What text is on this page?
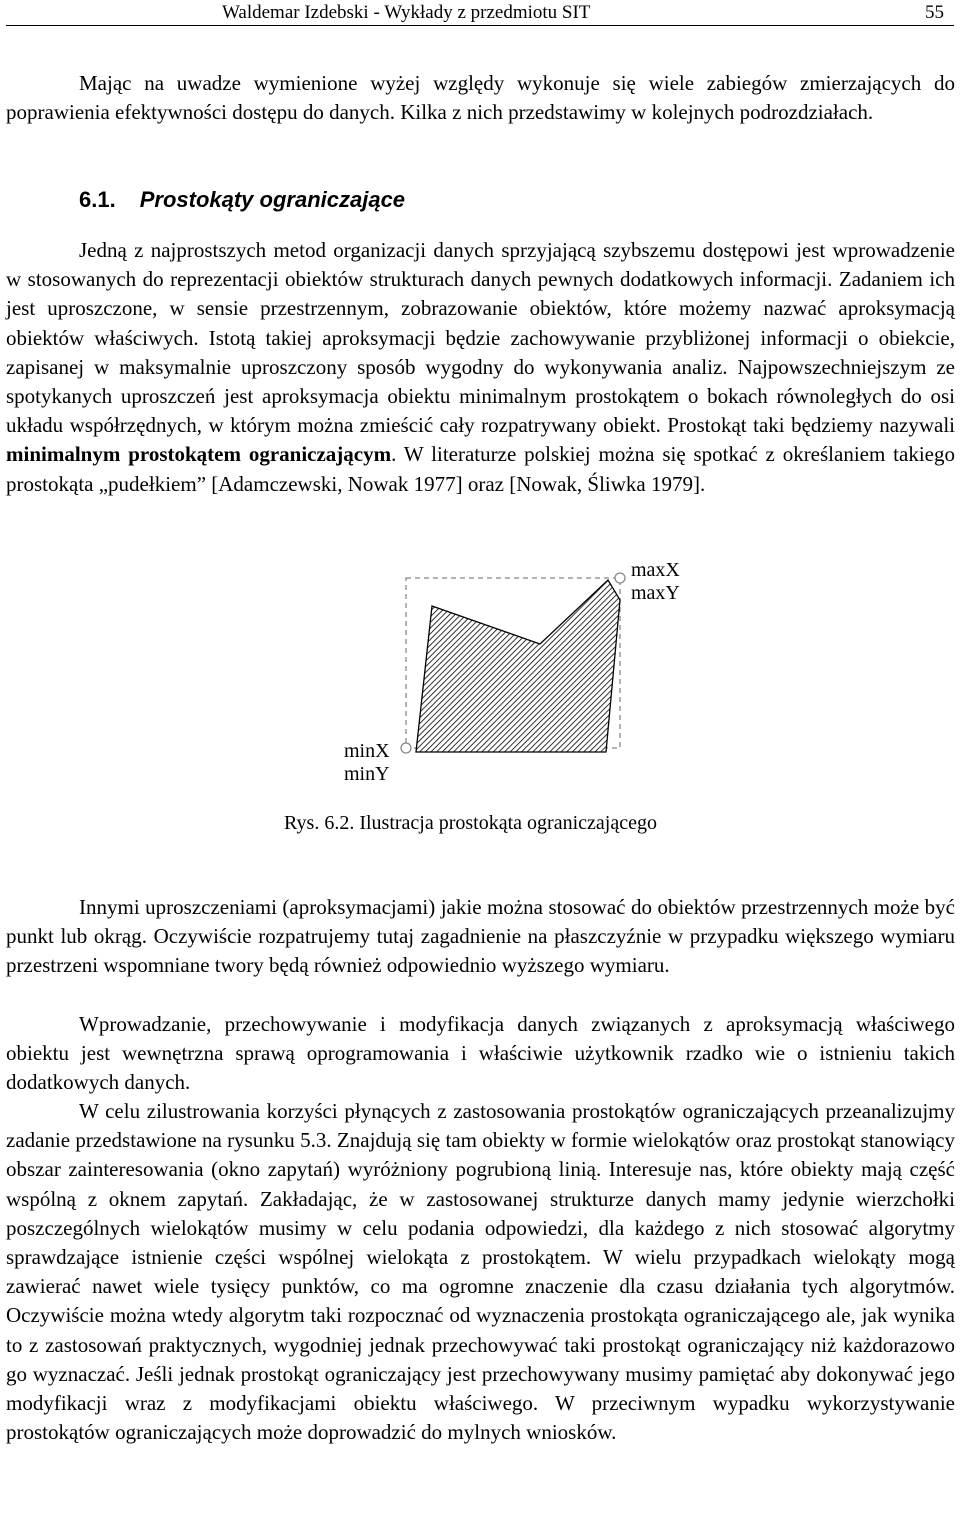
Waldemar Izdebski - Wykłady z przedmiotu SIT	55

Mając na uwadze wymienione wyżej względy wykonuje się wiele zabiegów zmierzających do poprawienia efektywności dostępu do danych. Kilka z nich przedstawimy w kolejnych podrozdziałach.

6.1. Prostokąty ograniczające

Jedną z najprostszych metod organizacji danych sprzyjającą szybszemu dostępowi jest wprowadzenie w stosowanych do reprezentacji obiektów strukturach danych pewnych dodatkowych informacji. Zadaniem ich jest uproszczone, w sensie przestrzennym, zobrazowanie obiektów, które możemy nazwać aproksymacją obiektów właściwych. Istotą takiej aproksymacji będzie zachowywanie przybliżonej informacji o obiekcie, zapisanej w maksymalnie uproszczony sposób wygodny do wykonywania analiz. Najpowszechniejszym ze spotykanych uproszczeń jest aproksymacja obiektu minimalnym prostokątem o bokach równoległych do osi układu współrzędnych, w którym można zmieścić cały rozpatrywany obiekt. Prostokąt taki będziemy nazywali minimalnym prostokątem ograniczającym. W literaturze polskiej można się spotkać z określaniem takiego prostokąta „pudełkiem” [Adamczewski, Nowak 1977] oraz [Nowak, Śliwka 1979].

maxX
maxY
minX
minY
Rys. 6.2. Ilustracja prostokąta ograniczającego

Innymi uproszczeniami (aproksymacjami) jakie można stosować do obiektów przestrzennych może być punkt lub okrąg. Oczywiście rozpatrujemy tutaj zagadnienie na płaszczyźnie w przypadku większego wymiaru przestrzeni wspomniane twory będą również odpowiednio wyższego wymiaru.

Wprowadzanie, przechowywanie i modyfikacja danych związanych z aproksymacją właściwego obiektu jest wewnętrzna sprawą oprogramowania i właściwie użytkownik rzadko wie o istnieniu takich dodatkowych danych.

W celu zilustrowania korzyści płynących z zastosowania prostokątów ograniczających przeanalizujmy zadanie przedstawione na rysunku 5.3. Znajdują się tam obiekty w formie wielokątów oraz prostokąt stanowiący obszar zainteresowania (okno zapytań) wyróżniony pogrubioną linią. Interesuje nas, które obiekty mają część wspólną z oknem zapytań. Zakładając, że w zastosowanej strukturze danych mamy jedynie wierzchołki poszczególnych wielokątów musimy w celu podania odpowiedzi, dla każdego z nich stosować algorytmy sprawdzające istnienie części wspólnej wielokąta z prostokątem. W wielu przypadkach wielokąty mogą zawierać nawet wiele tysięcy punktów, co ma ogromne znaczenie dla czasu działania tych algorytmów. Oczywiście można wtedy algorytm taki rozpocznać od wyznaczenia prostokąta ograniczającego ale, jak wynika to z zastosowań praktycznych, wygodniej jednak przechowywać taki prostokąt ograniczający niż każdorazowo go wyznaczać. Jeśli jednak prostokąt ograniczający jest przechowywany musimy pamiętać aby dokonywać jego modyfikacji wraz z modyfikacjami obiektu właściwego. W przeciwnym wypadku wykorzystywanie prostokątów ograniczających może doprowadzić do mylnych wniosków.
